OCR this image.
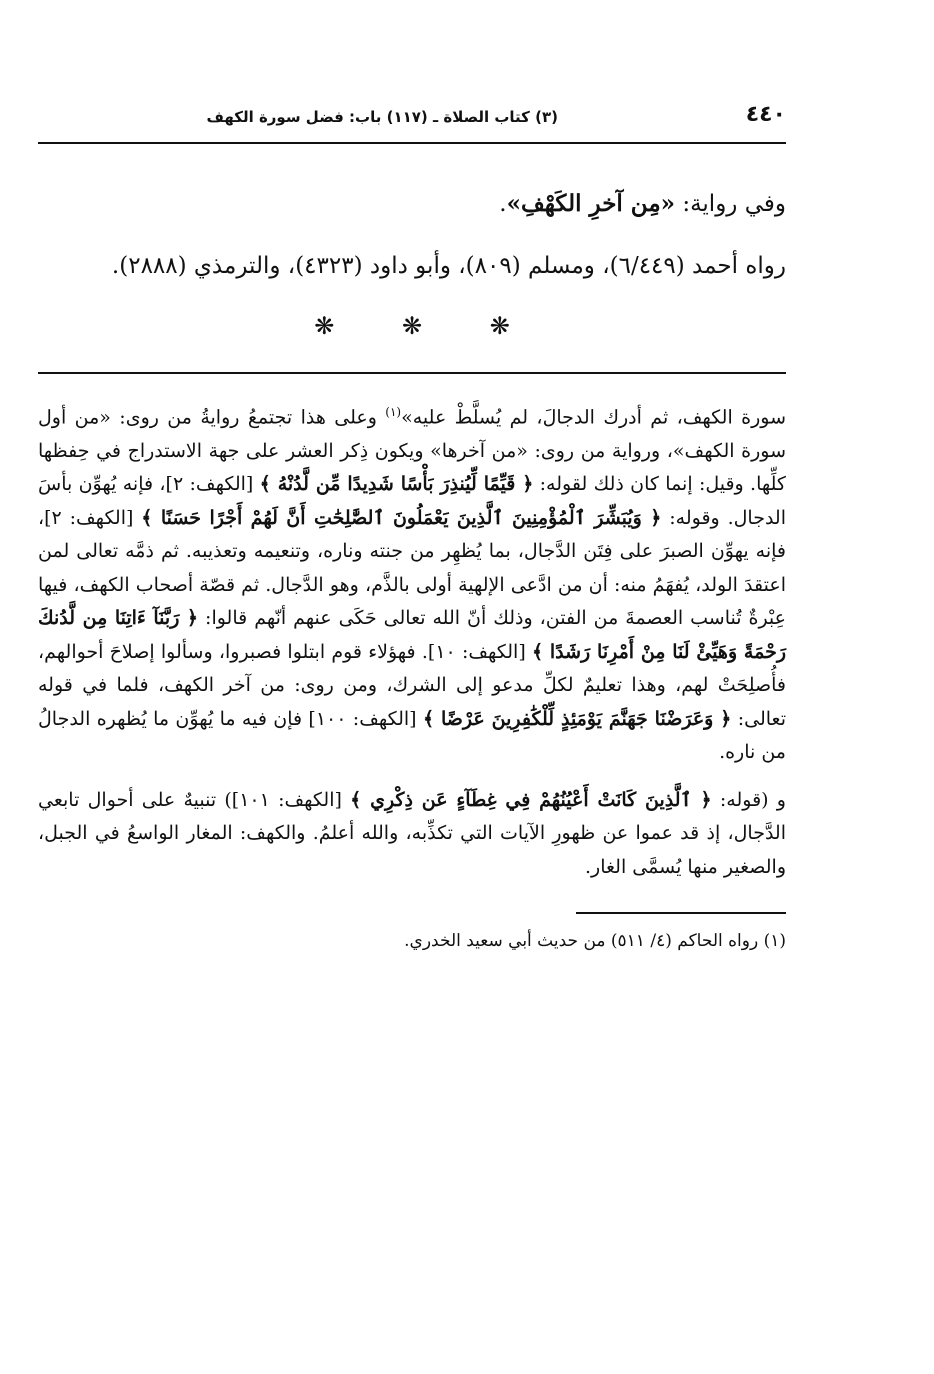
٤٤٠
(٣) كتاب الصلاة ـ (١١٧) باب: فضل سورة الكهف

وفي رواية: «مِن آخرِ الكَهْفِ».

رواه أحمد (٦/٤٤٩)، ومسلم (٨٠٩)، وأبو داود (٤٣٢٣)، والترمذي (٢٨٨٨).

❋	❋	❋

سورة الكهف، ثم أدرك الدجالَ، لم يُسلَّطْ عليه»$^{(١)}$ وعلى هذا تجتمعُ روايةُ من روى: «من أول سورة الكهف»، ورواية من روى: «من آخرها» ويكون ذِكر العشر على جهة الاستدراج في حِفظها كلِّها. وقيل: إنما كان ذلك لقوله: ﴿ قَيِّمًا لِّيُنذِرَ بَأْسًا شَدِيدًا مِّن لَّدُنْهُ ﴾ [الكهف: ٢]، فإنه يُهوِّن بأسَ الدجال. وقوله: ﴿ وَيُبَشِّرَ ٱلْمُؤْمِنِينَ ٱلَّذِينَ يَعْمَلُونَ ٱلصَّٰلِحَٰتِ أَنَّ لَهُمْ أَجْرًا حَسَنًا ﴾ [الكهف: ٢]، فإنه يهوِّن الصبرَ على فِتَن الدَّجال، بما يُظهِر من جنته وناره، وتنعيمه وتعذيبه. ثم ذمَّه تعالى لمن اعتقدَ الولد، يُفهَمُ منه: أن من ادَّعى الإلهية أولى بالذَّم، وهو الدَّجال. ثم قصّة أصحاب الكهف، فيها عِبْرةٌ تُناسب العصمةَ من الفتن، وذلك أنّ الله تعالى حَكَى عنهم أنّهم قالوا: ﴿ رَبَّنَآ ءَاتِنَا مِن لَّدُنكَ رَحْمَةً وَهَيِّئْ لَنَا مِنْ أَمْرِنَا رَشَدًا ﴾ [الكهف: ١٠]. فهؤلاء قوم ابتلوا فصبروا، وسألوا إصلاحَ أحوالهم، فأُصلِحَتْ لهم، وهذا تعليمٌ لكلِّ مدعو إلى الشرك، ومن روى: من آخر الكهف، فلما في قوله تعالى: ﴿ وَعَرَضْنَا جَهَنَّمَ يَوْمَئِذٍ لِّلْكَٰفِرِينَ عَرْضًا ﴾ [الكهف: ١٠٠] فإن فيه ما يُهوِّن ما يُظهره الدجالُ من ناره.

و (قوله: ﴿ ٱلَّذِينَ كَانَتْ أَعْيُنُهُمْ فِي غِطَآءٍ عَن ذِكْرِي ﴾ [الكهف: ١٠١]) تنبيهٌ على أحوال تابعي الدَّجال، إذ قد عموا عن ظهورِ الآيات التي تكذِّبه، والله أعلمُ. والكهف: المغار الواسعُ في الجبل، والصغير منها يُسمَّى الغار.

(١) رواه الحاكم (٤/ ٥١١) من حديث أبي سعيد الخدري.
